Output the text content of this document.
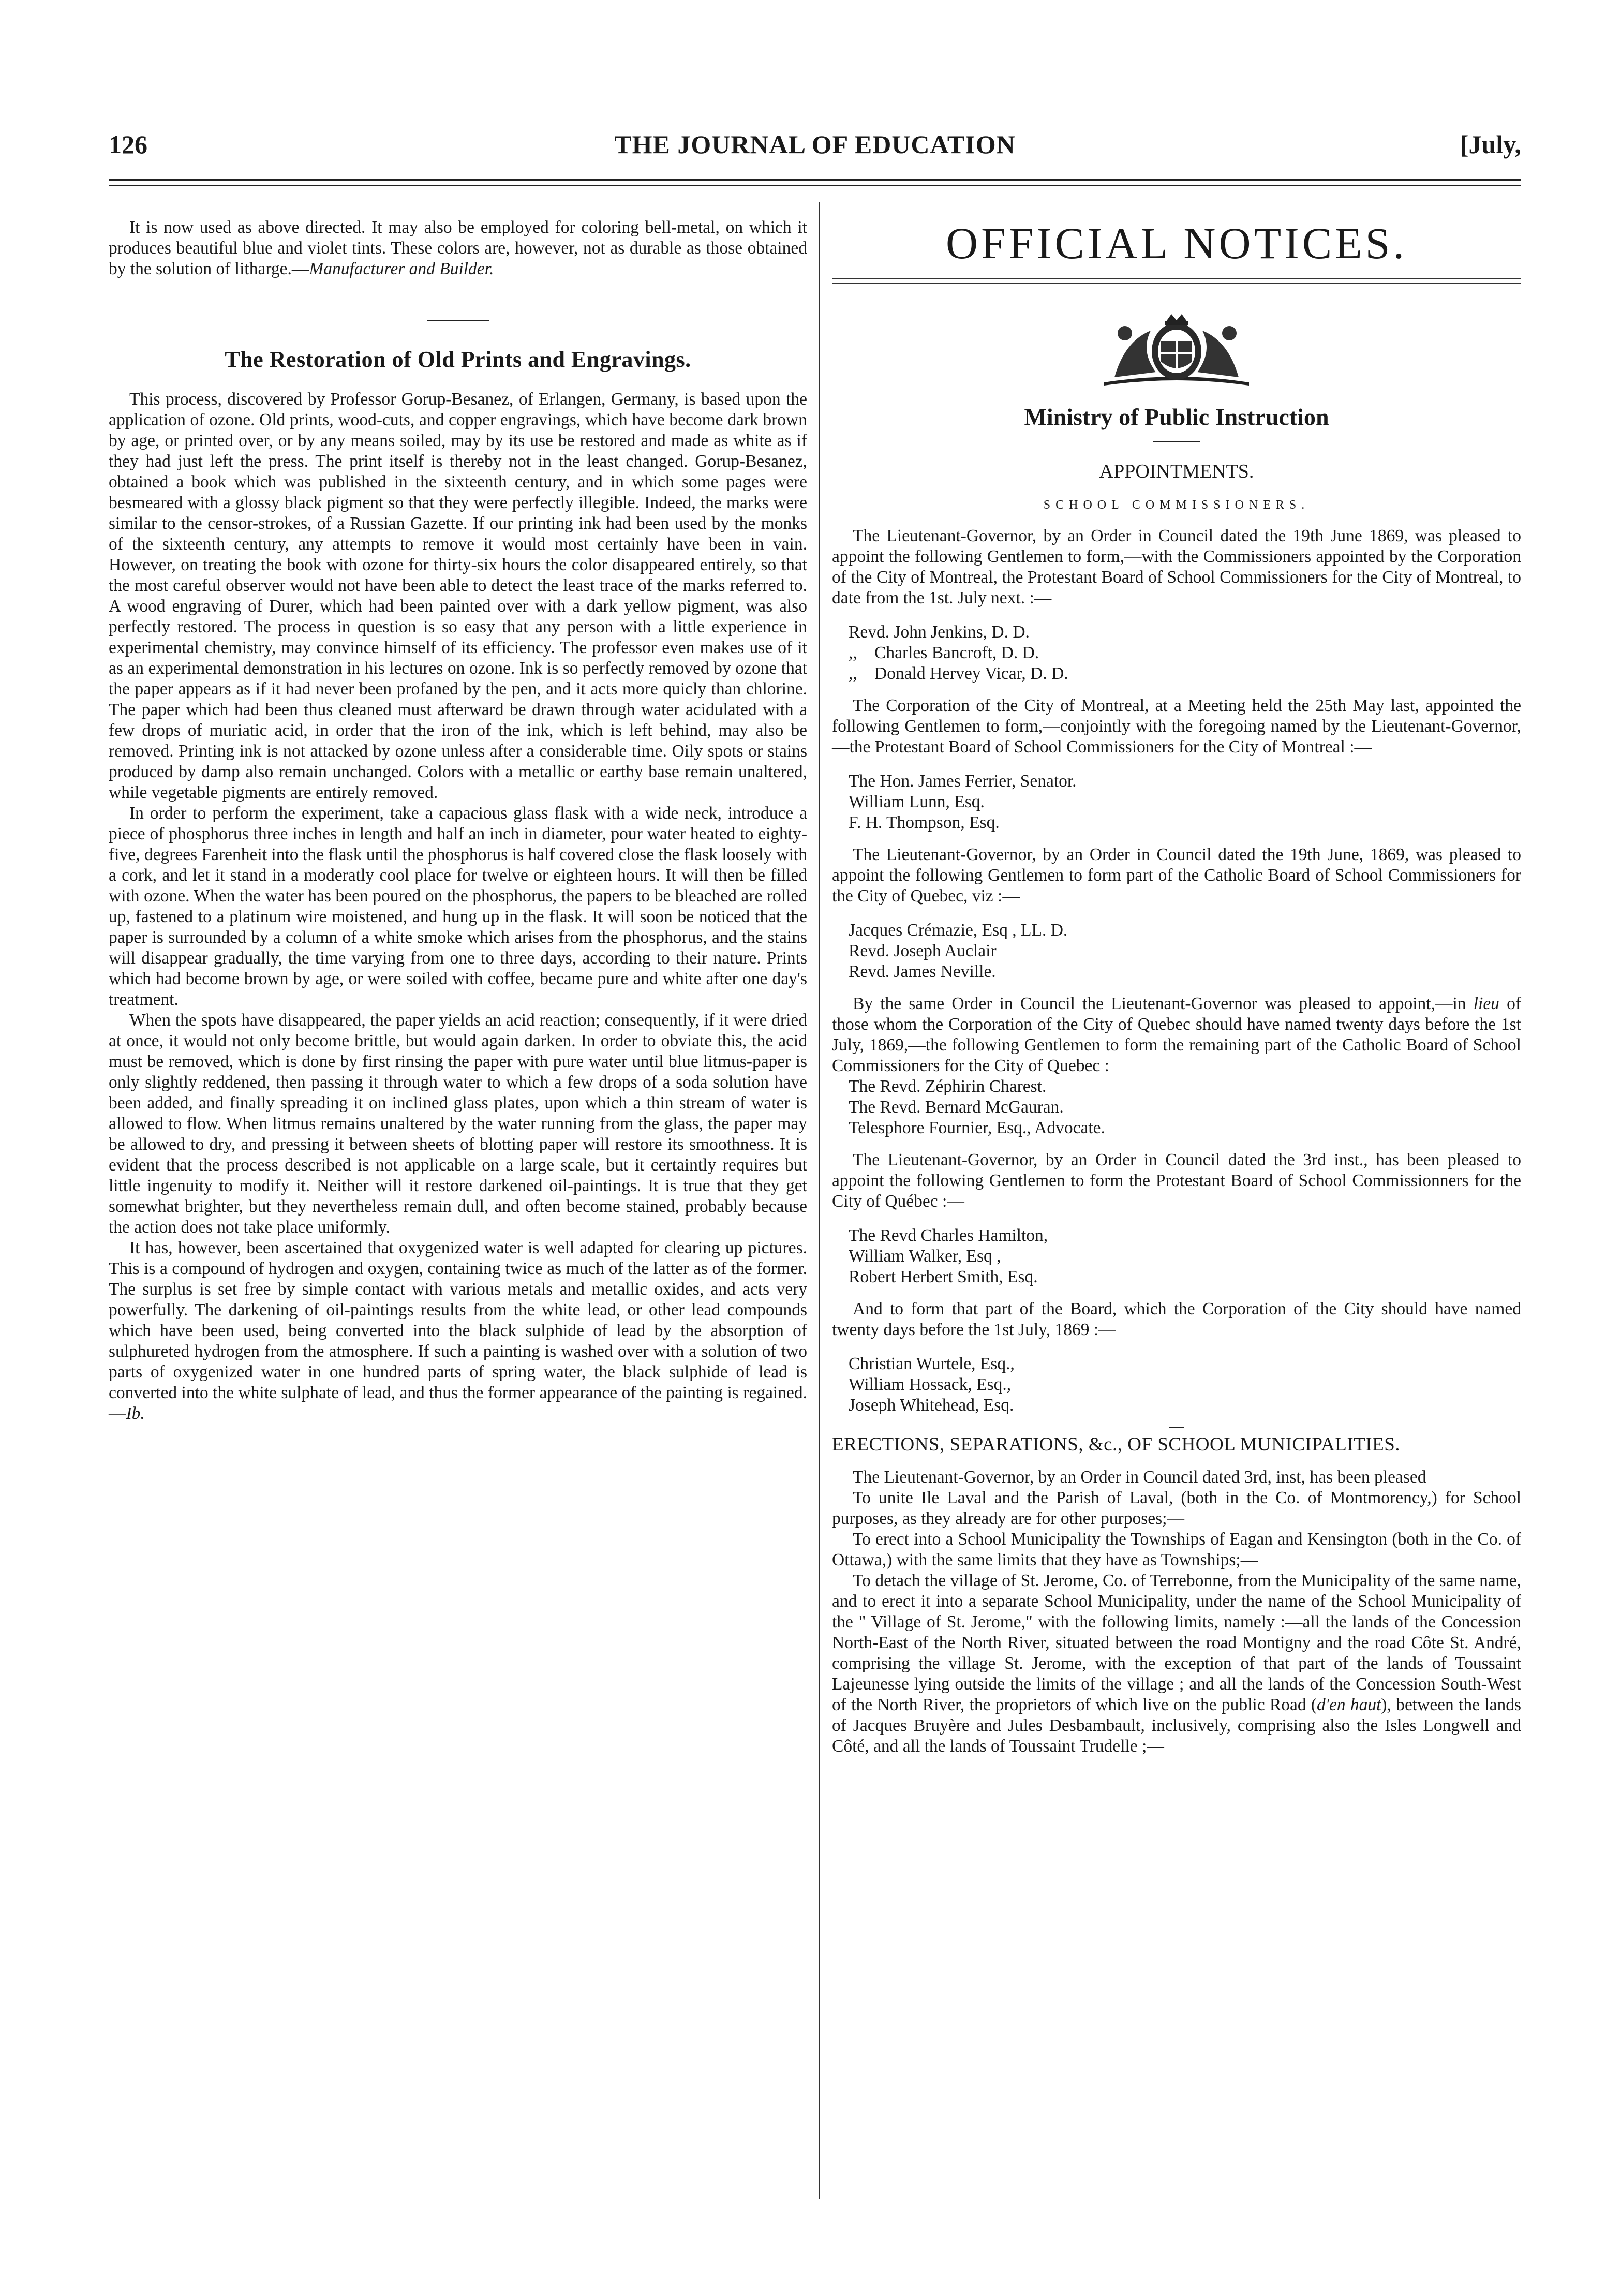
126	THE JOURNAL OF EDUCATION	[July,

It is now used as above directed. It may also be employed for coloring bell-metal, on which it produces beautiful blue and violet tints. These colors are, however, not as durable as those obtained by the solution of litharge.—Manufacturer and Builder.

The Restoration of Old Prints and Engravings.

This process, discovered by Professor Gorup-Besanez, of Erlangen, Germany, is based upon the application of ozone. Old prints, wood-cuts, and copper engravings, which have become dark brown by age, or printed over, or by any means soiled, may by its use be restored and made as white as if they had just left the press. The print itself is thereby not in the least changed. Gorup-Besanez, obtained a book which was published in the sixteenth century, and in which some pages were besmeared with a glossy black pigment so that they were perfectly illegible. Indeed, the marks were similar to the censor-strokes, of a Russian Gazette. If our printing ink had been used by the monks of the sixteenth century, any attempts to remove it would most certainly have been in vain. However, on treating the book with ozone for thirty-six hours the color disappeared entirely, so that the most careful observer would not have been able to detect the least trace of the marks referred to. A wood engraving of Durer, which had been painted over with a dark yellow pigment, was also perfectly restored. The process in question is so easy that any person with a little experience in experimental chemistry, may convince himself of its efficiency. The professor even makes use of it as an experimental demonstration in his lectures on ozone. Ink is so perfectly removed by ozone that the paper appears as if it had never been profaned by the pen, and it acts more quicly than chlorine. The paper which had been thus cleaned must afterward be drawn through water acidulated with a few drops of muriatic acid, in order that the iron of the ink, which is left behind, may also be removed. Printing ink is not attacked by ozone unless after a considerable time. Oily spots or stains produced by damp also remain unchanged. Colors with a metallic or earthy base remain unaltered, while vegetable pigments are entirely removed.

In order to perform the experiment, take a capacious glass flask with a wide neck, introduce a piece of phosphorus three inches in length and half an inch in diameter, pour water heated to eighty-five, degrees Farenheit into the flask until the phosphorus is half covered close the flask loosely with a cork, and let it stand in a moderatly cool place for twelve or eighteen hours. It will then be filled with ozone. When the water has been poured on the phosphorus, the papers to be bleached are rolled up, fastened to a platinum wire moistened, and hung up in the flask. It will soon be noticed that the paper is surrounded by a column of a white smoke which arises from the phosphorus, and the stains will disappear gradually, the time varying from one to three days, according to their nature. Prints which had become brown by age, or were soiled with coffee, became pure and white after one day's treatment.

When the spots have disappeared, the paper yields an acid reaction; consequently, if it were dried at once, it would not only become brittle, but would again darken. In order to obviate this, the acid must be removed, which is done by first rinsing the paper with pure water until blue litmus-paper is only slightly reddened, then passing it through water to which a few drops of a soda solution have been added, and finally spreading it on inclined glass plates, upon which a thin stream of water is allowed to flow. When litmus remains unaltered by the water running from the glass, the paper may be allowed to dry, and pressing it between sheets of blotting paper will restore its smoothness. It is evident that the process described is not applicable on a large scale, but it certaintly requires but little ingenuity to modify it. Neither will it restore darkened oil-paintings. It is true that they get somewhat brighter, but they nevertheless remain dull, and often become stained, probably because the action does not take place uniformly.

It has, however, been ascertained that oxygenized water is well adapted for clearing up pictures. This is a compound of hydrogen and oxygen, containing twice as much of the latter as of the former. The surplus is set free by simple contact with various metals and metallic oxides, and acts very powerfully. The darkening of oil-paintings results from the white lead, or other lead compounds which have been used, being converted into the black sulphide of lead by the absorption of sulphureted hydrogen from the atmosphere. If such a painting is washed over with a solution of two parts of oxygenized water in one hundred parts of spring water, the black sulphide of lead is converted into the white sulphate of lead, and thus the former appearance of the painting is regained.—Ib.

OFFICIAL NOTICES.
Ministry of Public Instruction
APPOINTMENTS.
SCHOOL COMMISSIONERS.

The Lieutenant-Governor, by an Order in Council dated the 19th June 1869, was pleased to appoint the following Gentlemen to form,—with the Commissioners appointed by the Corporation of the City of Montreal, the Protestant Board of School Commissioners for the City of Montreal, to date from the 1st. July next. :—

Revd. John Jenkins, D. D.
,, Charles Bancroft, D. D.
,, Donald Hervey Vicar, D. D.

The Corporation of the City of Montreal, at a Meeting held the 25th May last, appointed the following Gentlemen to form,—conjointly with the foregoing named by the Lieutenant-Governor,—the Protestant Board of School Commissioners for the City of Montreal :—

The Hon. James Ferrier, Senator.
William Lunn, Esq.
F. H. Thompson, Esq.

The Lieutenant-Governor, by an Order in Council dated the 19th June, 1869, was pleased to appoint the following Gentlemen to form part of the Catholic Board of School Commissioners for the City of Quebec, viz :—

Jacques Crémazie, Esq , LL. D.
Revd. Joseph Auclair
Revd. James Neville.

By the same Order in Council the Lieutenant-Governor was pleased to appoint,—in lieu of those whom the Corporation of the City of Quebec should have named twenty days before the 1st July, 1869,—the following Gentlemen to form the remaining part of the Catholic Board of School Commissioners for the City of Quebec :

The Revd. Zéphirin Charest.
The Revd. Bernard McGauran.
Telesphore Fournier, Esq., Advocate.

The Lieutenant-Governor, by an Order in Council dated the 3rd inst., has been pleased to appoint the following Gentlemen to form the Protestant Board of School Commissionners for the City of Québec :—

The Revd Charles Hamilton,
William Walker, Esq ,
Robert Herbert Smith, Esq.

And to form that part of the Board, which the Corporation of the City should have named twenty days before the 1st July, 1869 :—

Christian Wurtele, Esq.,
William Hossack, Esq.,
Joseph Whitehead, Esq.
ERECTIONS, SEPARATIONS, &c., OF SCHOOL MUNICIPALITIES.

The Lieutenant-Governor, by an Order in Council dated 3rd, inst, has been pleased

To unite Ile Laval and the Parish of Laval, (both in the Co. of Montmorency,) for School purposes, as they already are for other purposes;—

To erect into a School Municipality the Townships of Eagan and Kensington (both in the Co. of Ottawa,) with the same limits that they have as Townships;—

To detach the village of St. Jerome, Co. of Terrebonne, from the Municipality of the same name, and to erect it into a separate School Municipality, under the name of the School Municipality of the " Village of St. Jerome," with the following limits, namely :—all the lands of the Concession North-East of the North River, situated between the road Montigny and the road Côte St. André, comprising the village St. Jerome, with the exception of that part of the lands of Toussaint Lajeunesse lying outside the limits of the village ; and all the lands of the Concession South-West of the North River, the proprietors of which live on the public Road (d'en haut), between the lands of Jacques Bruyère and Jules Desbambault, inclusively, comprising also the Isles Longwell and Côté, and all the lands of Toussaint Trudelle ;—
